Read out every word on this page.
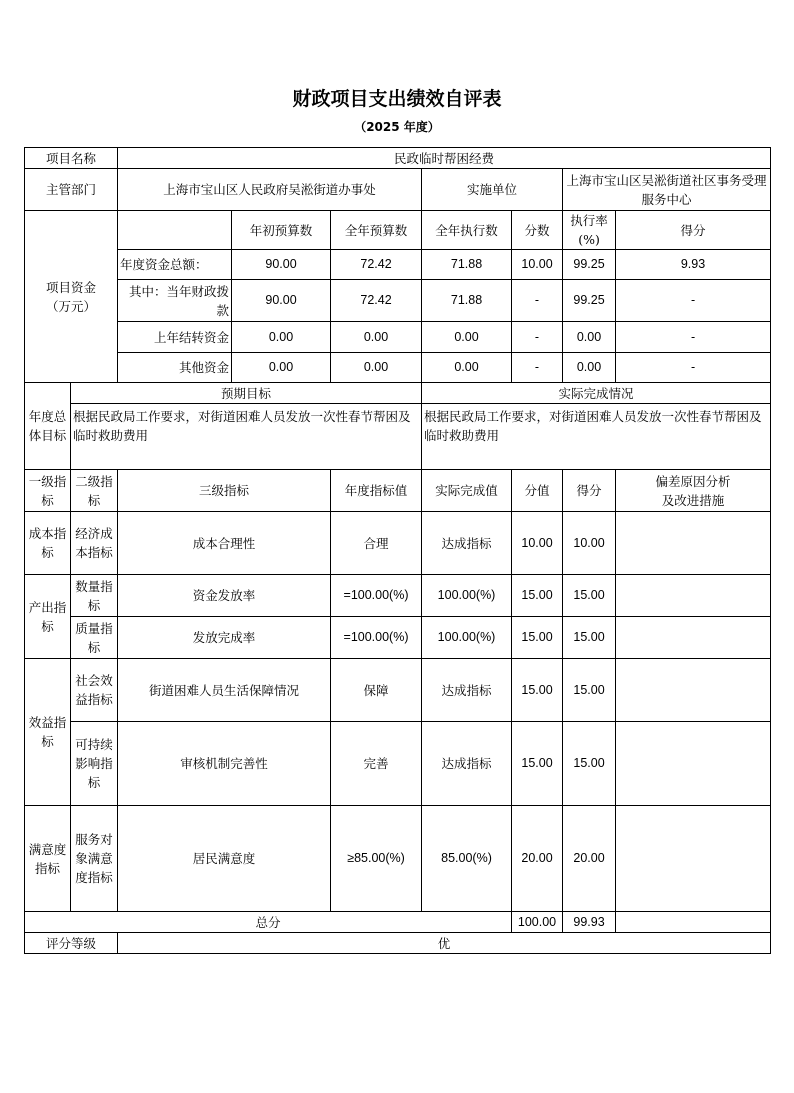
财政项目支出绩效自评表
（2025 年度）
项目名称		民政临时帮困经费						
主管部门		上海市宝山区人民政府吴淞街道办事处			实施单位		上海市宝山区吴淞街道社区事务受理服务中心	
项目资金
（万元）			年初预算数	全年预算数	全年执行数	分数	执行率(%)	得分
		年度资金总额：	90.00	72.42	71.88	10.00	99.25	9.93
		其中：当年财政拨款	90.00	72.42	71.88	-	99.25	-
		上年结转资金	0.00	0.00	0.00	-	0.00	-
		其他资金	0.00	0.00	0.00	-	0.00	-
年度总体目标	预期目标				实际完成情况			
	根据民政局工作要求，对街道困难人员发放一次性春节帮困及临时救助费用				根据民政局工作要求，对街道困难人员发放一次性春节帮困及临时救助费用			
一级指标	二级指标	三级指标		年度指标值	实际完成值	分值	得分	偏差原因分析
及改进措施
成本指标	经济成本指标	成本合理性		合理	达成指标	10.00	10.00	
产出指标	数量指标	资金发放率		=100.00(%)	100.00(%)	15.00	15.00	
	质量指标	发放完成率		=100.00(%)	100.00(%)	15.00	15.00	
效益指标	社会效益指标	街道困难人员生活保障情况		保障	达成指标	15.00	15.00	
	可持续影响指标	审核机制完善性		完善	达成指标	15.00	15.00	
满意度指标	服务对象满意度指标	居民满意度		≥85.00(%)	85.00(%)	20.00	20.00	
总分						100.00	99.93	
评分等级		优						
